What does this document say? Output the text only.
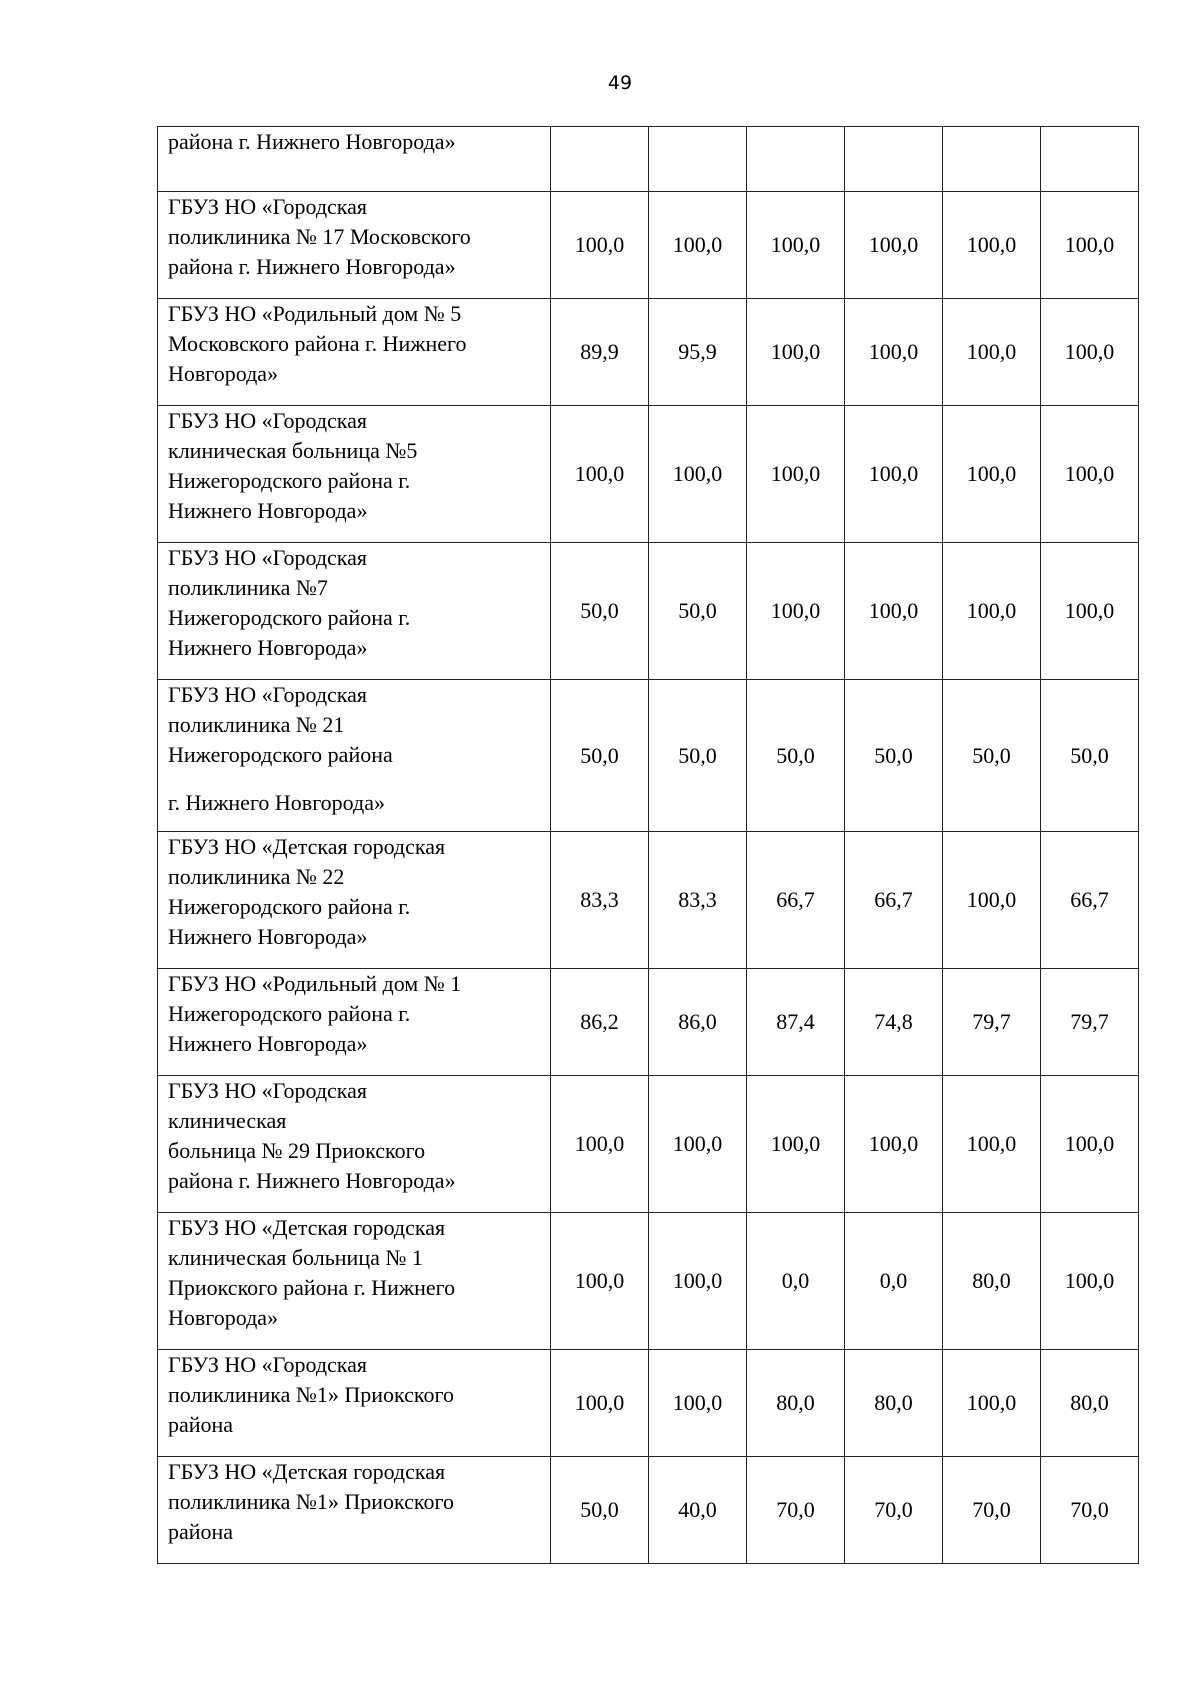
49
района г. Нижнего Новгорода»						

ГБУЗ НО «Городская
поликлиника № 17 Московского
района г. Нижнего Новгорода»	100,0	100,0	100,0	100,0	100,0	100,0

ГБУЗ НО «Родильный дом № 5
Московского района г. Нижнего
Новгорода»	89,9	95,9	100,0	100,0	100,0	100,0

ГБУЗ НО «Городская
клиническая больница №5
Нижегородского района г.
Нижнего Новгорода»	100,0	100,0	100,0	100,0	100,0	100,0

ГБУЗ НО «Городская
поликлиника №7
Нижегородского района г.
Нижнего Новгорода»	50,0	50,0	100,0	100,0	100,0	100,0

ГБУЗ НО «Городская
поликлиника № 21
Нижегородского района
г. Нижнего Новгорода»	50,0	50,0	50,0	50,0	50,0	50,0

ГБУЗ НО «Детская городская
поликлиника № 22
Нижегородского района г.
Нижнего Новгорода»	83,3	83,3	66,7	66,7	100,0	66,7

ГБУЗ НО «Родильный дом № 1
Нижегородского района г.
Нижнего Новгорода»	86,2	86,0	87,4	74,8	79,7	79,7

ГБУЗ НО «Городская
клиническая
больница № 29 Приокского
района г. Нижнего Новгорода»	100,0	100,0	100,0	100,0	100,0	100,0

ГБУЗ НО «Детская городская
клиническая больница № 1
Приокского района г. Нижнего
Новгорода»	100,0	100,0	0,0	0,0	80,0	100,0

ГБУЗ НО «Городская
поликлиника №1» Приокского
района	100,0	100,0	80,0	80,0	100,0	80,0

ГБУЗ НО «Детская городская
поликлиника №1» Приокского
района	50,0	40,0	70,0	70,0	70,0	70,0
